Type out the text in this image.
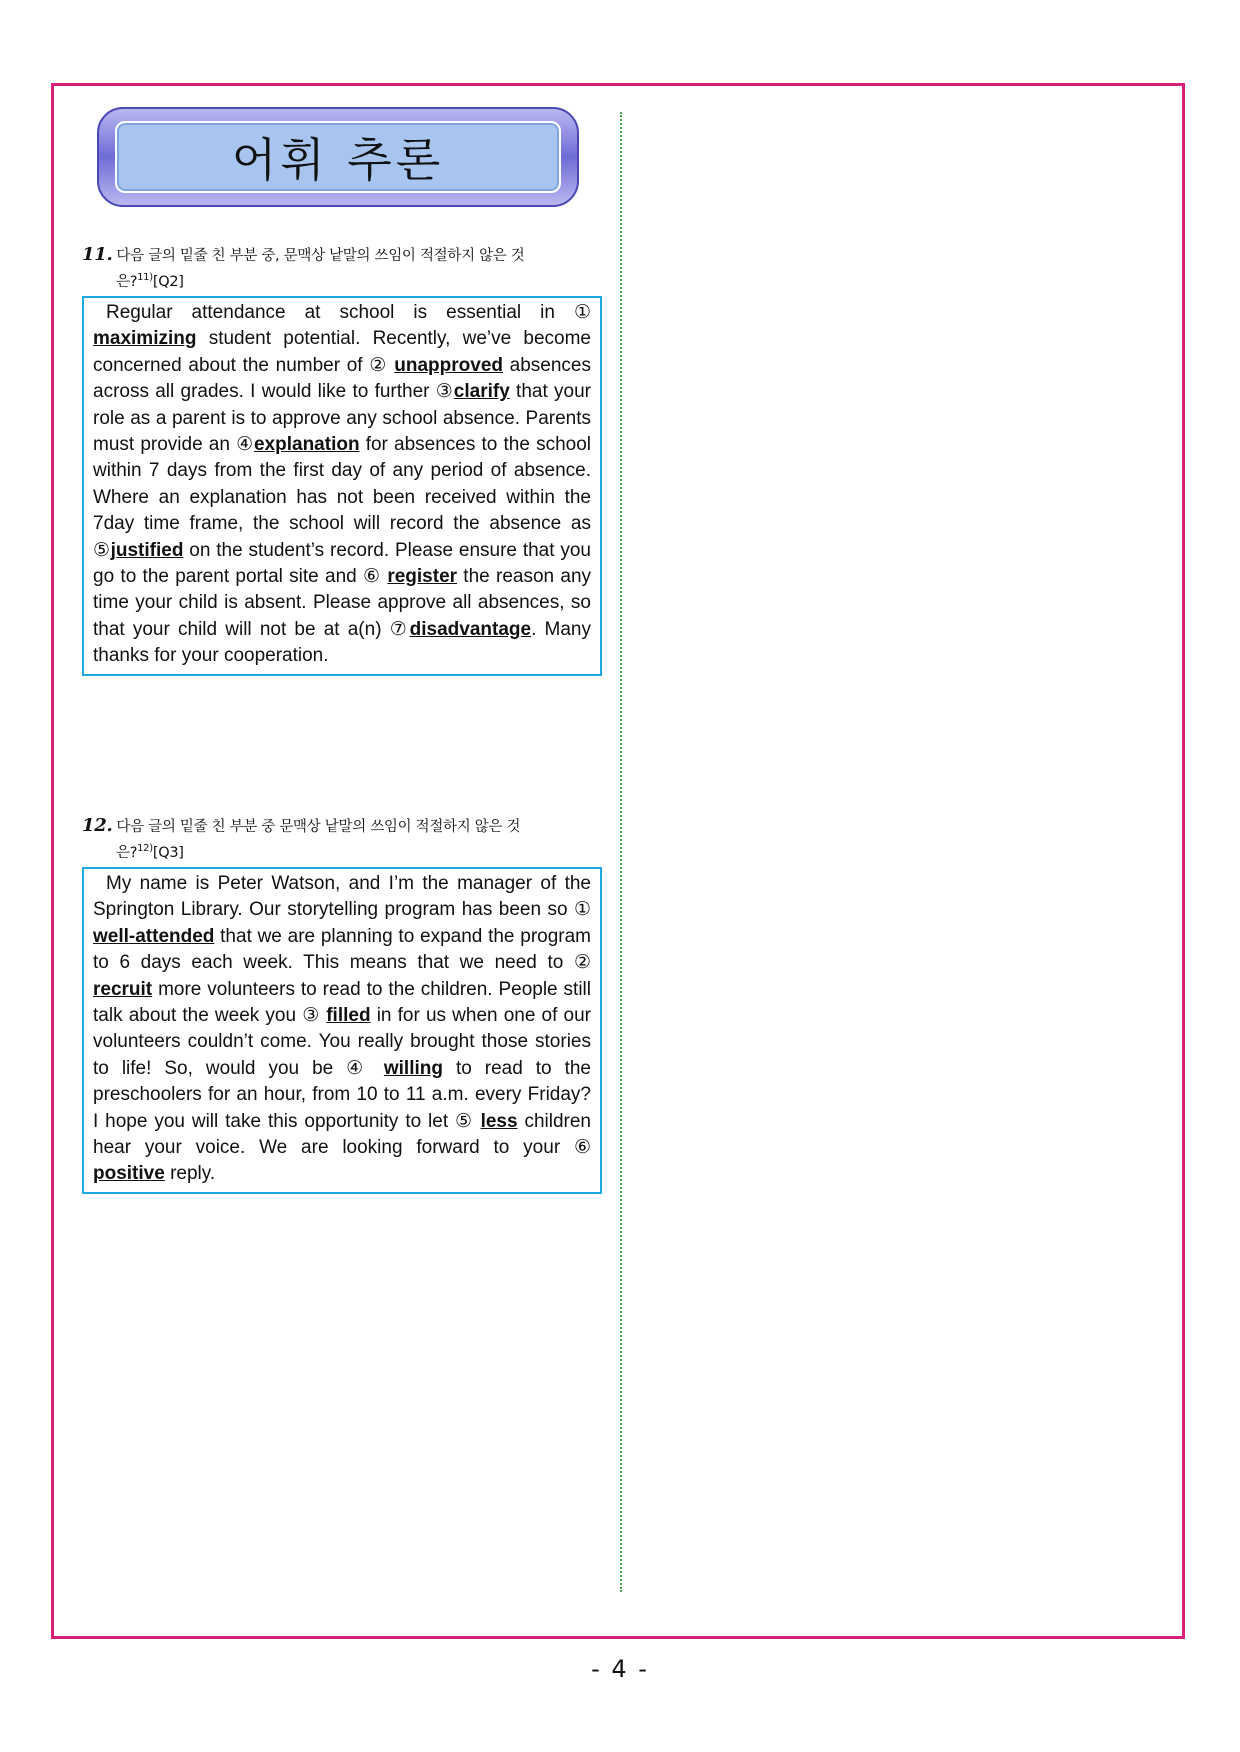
어휘 추론
11. 다음 글의 밑줄 친 부분 중, 문맥상 낱말의 쓰임이 적절하지 않은 것
은?$^{11)}$[Q2]
Regular attendance at school is essential in ① maximizing student potential. Recently, we’ve become concerned about the number of ② unapproved absences across all grades. I would like to further ③clarify that your role as a parent is to approve any school absence. Parents must provide an ④explanation for absences to the school within 7 days from the first day of any period of absence. Where an explanation has not been received within the 7day time frame, the school will record the absence as ⑤justified on the student’s record. Please ensure that you go to the parent portal site and ⑥ register the reason any time your child is absent. Please approve all absences, so that your child will not be at a(n) ⑦disadvantage. Many thanks for your cooperation.
12. 다음 글의 밑줄 친 부분 중 문맥상 낱말의 쓰임이 적절하지 않은 것
은?$^{12)}$[Q3]
My name is Peter Watson, and I’m the manager of the Springton Library. Our storytelling program has been so ① well-attended that we are planning to expand the program to 6 days each week. This means that we need to ② recruit more volunteers to read to the children. People still talk about the week you ③ filled in for us when one of our volunteers couldn’t come. You really brought those stories to life! So, would you be ④ willing to read to the preschoolers for an hour, from 10 to 11 a.m. every Friday? I hope you will take this opportunity to let ⑤ less children hear your voice. We are looking forward to your ⑥ positive reply.
- 4 -
